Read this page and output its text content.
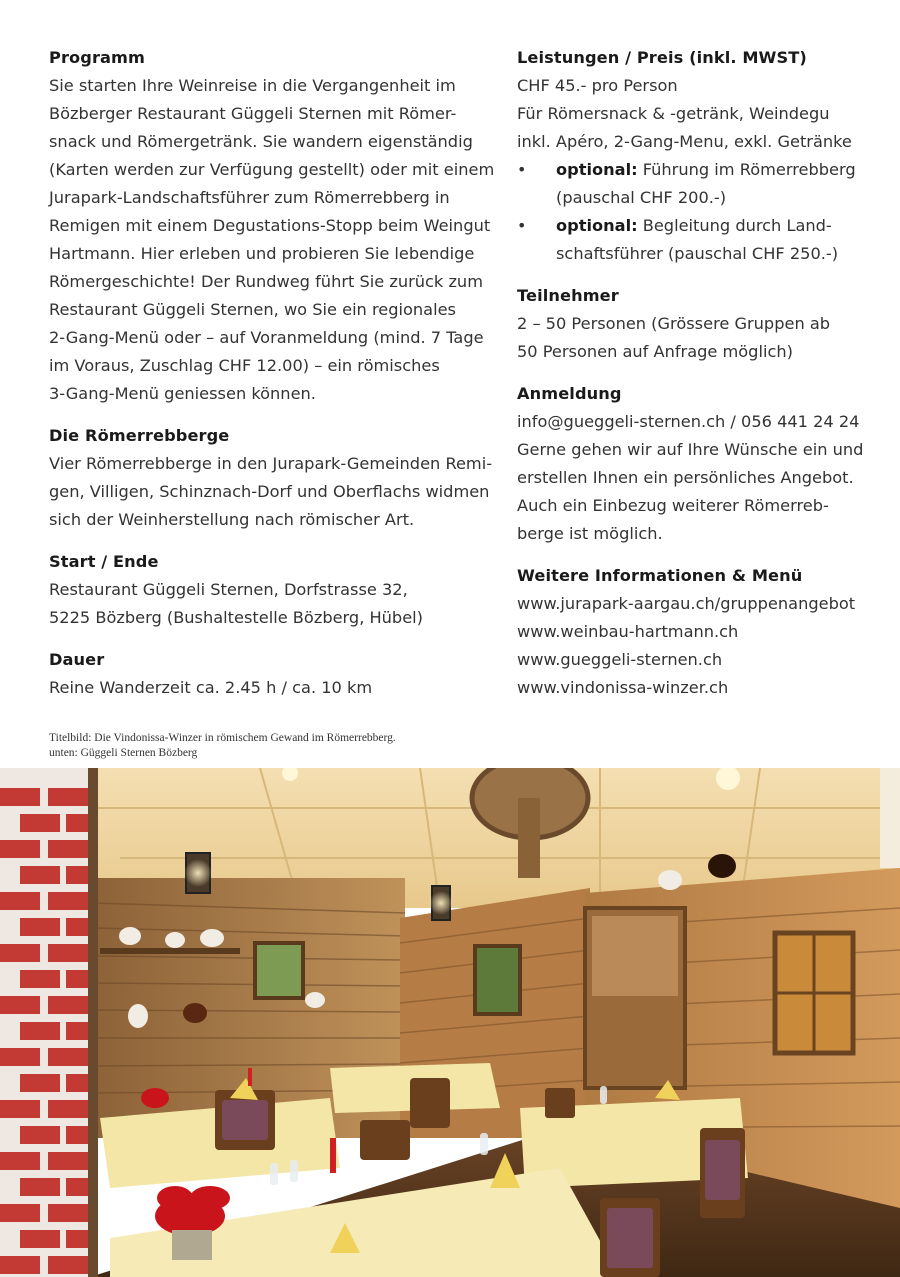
Programm
Sie starten Ihre Weinreise in die Vergangenheit im
Bözberger Restaurant Güggeli Sternen mit Römer-
snack und Römergetränk. Sie wandern eigenständig
(Karten werden zur Verfügung gestellt) oder mit einem
Jurapark-Landschaftsführer zum Römerrebberg in
Remigen mit einem Degustations-Stopp beim Weingut
Hartmann. Hier erleben und probieren Sie lebendige
Römergeschichte! Der Rundweg führt Sie zurück zum
Restaurant Güggeli Sternen, wo Sie ein regionales
2-Gang-Menü oder – auf Voranmeldung (mind. 7 Tage
im Voraus, Zuschlag CHF 12.00) – ein römisches
3-Gang-Menü geniessen können.
Die Römerrebberge
Vier Römerrebberge in den Jurapark-Gemeinden Remi-
gen, Villigen, Schinznach-Dorf und Oberflachs widmen
sich der Weinherstellung nach römischer Art.
Start / Ende
Restaurant Güggeli Sternen, Dorfstrasse 32,
5225 Bözberg (Bushaltestelle Bözberg, Hübel)
Dauer
Reine Wanderzeit ca. 2.45 h / ca. 10 km
Leistungen / Preis (inkl. MWST)
CHF 45.- pro Person
Für Römersnack & -getränk, Weindegu
inkl. Apéro, 2-Gang-Menu, exkl. Getränke
• optional: Führung im Römerrebberg
(pauschal CHF 200.-)
• optional: Begleitung durch Land-
schaftsführer (pauschal CHF 250.-)
Teilnehmer
2 – 50 Personen (Grössere Gruppen ab
50 Personen auf Anfrage möglich)
Anmeldung
info@gueggeli-sternen.ch / 056 441 24 24
Gerne gehen wir auf Ihre Wünsche ein und
erstellen Ihnen ein persönliches Angebot.
Auch ein Einbezug weiterer Römerreb-
berge ist möglich.
Weitere Informationen & Menü
www.jurapark-aargau.ch/gruppenangebot
www.weinbau-hartmann.ch
www.gueggeli-sternen.ch
www.vindonissa-winzer.ch
Titelbild: Die Vindonissa-Winzer in römischem Gewand im Römerrebberg.
unten: Güggeli Sternen Bözberg
